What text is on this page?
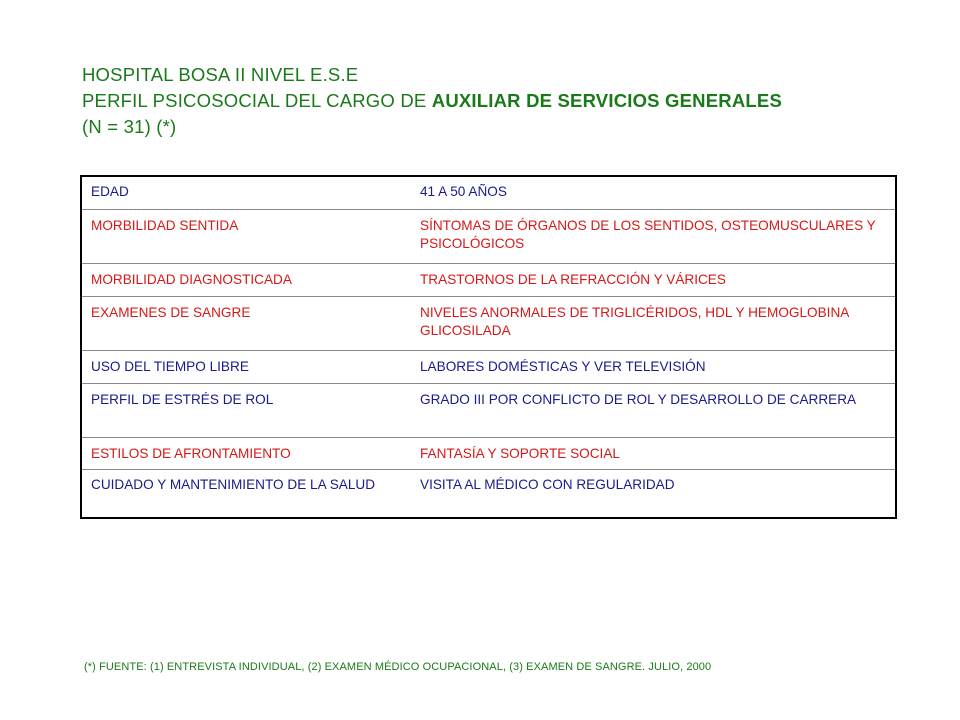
HOSPITAL BOSA II NIVEL E.S.E
PERFIL PSICOSOCIAL DEL CARGO DE AUXILIAR DE SERVICIOS GENERALES
(N = 31) (*)
EDAD	41 A 50 AÑOS
MORBILIDAD SENTIDA	SÍNTOMAS DE ÓRGANOS DE LOS SENTIDOS, OSTEOMUSCULARES Y PSICOLÓGICOS
MORBILIDAD DIAGNOSTICADA	TRASTORNOS DE LA REFRACCIÓN Y VÁRICES
EXAMENES DE SANGRE	NIVELES ANORMALES DE TRIGLICÉRIDOS, HDL Y HEMOGLOBINA GLICOSILADA
USO DEL TIEMPO LIBRE	LABORES DOMÉSTICAS Y VER TELEVISIÓN
PERFIL DE ESTRÉS DE ROL	GRADO III POR CONFLICTO DE ROL Y DESARROLLO DE CARRERA
ESTILOS DE AFRONTAMIENTO	FANTASÍA Y SOPORTE SOCIAL
CUIDADO Y MANTENIMIENTO DE LA SALUD	VISITA AL MÉDICO CON REGULARIDAD
(*) FUENTE: (1) ENTREVISTA INDIVIDUAL, (2) EXAMEN MÉDICO OCUPACIONAL, (3) EXAMEN DE SANGRE. JULIO, 2000
